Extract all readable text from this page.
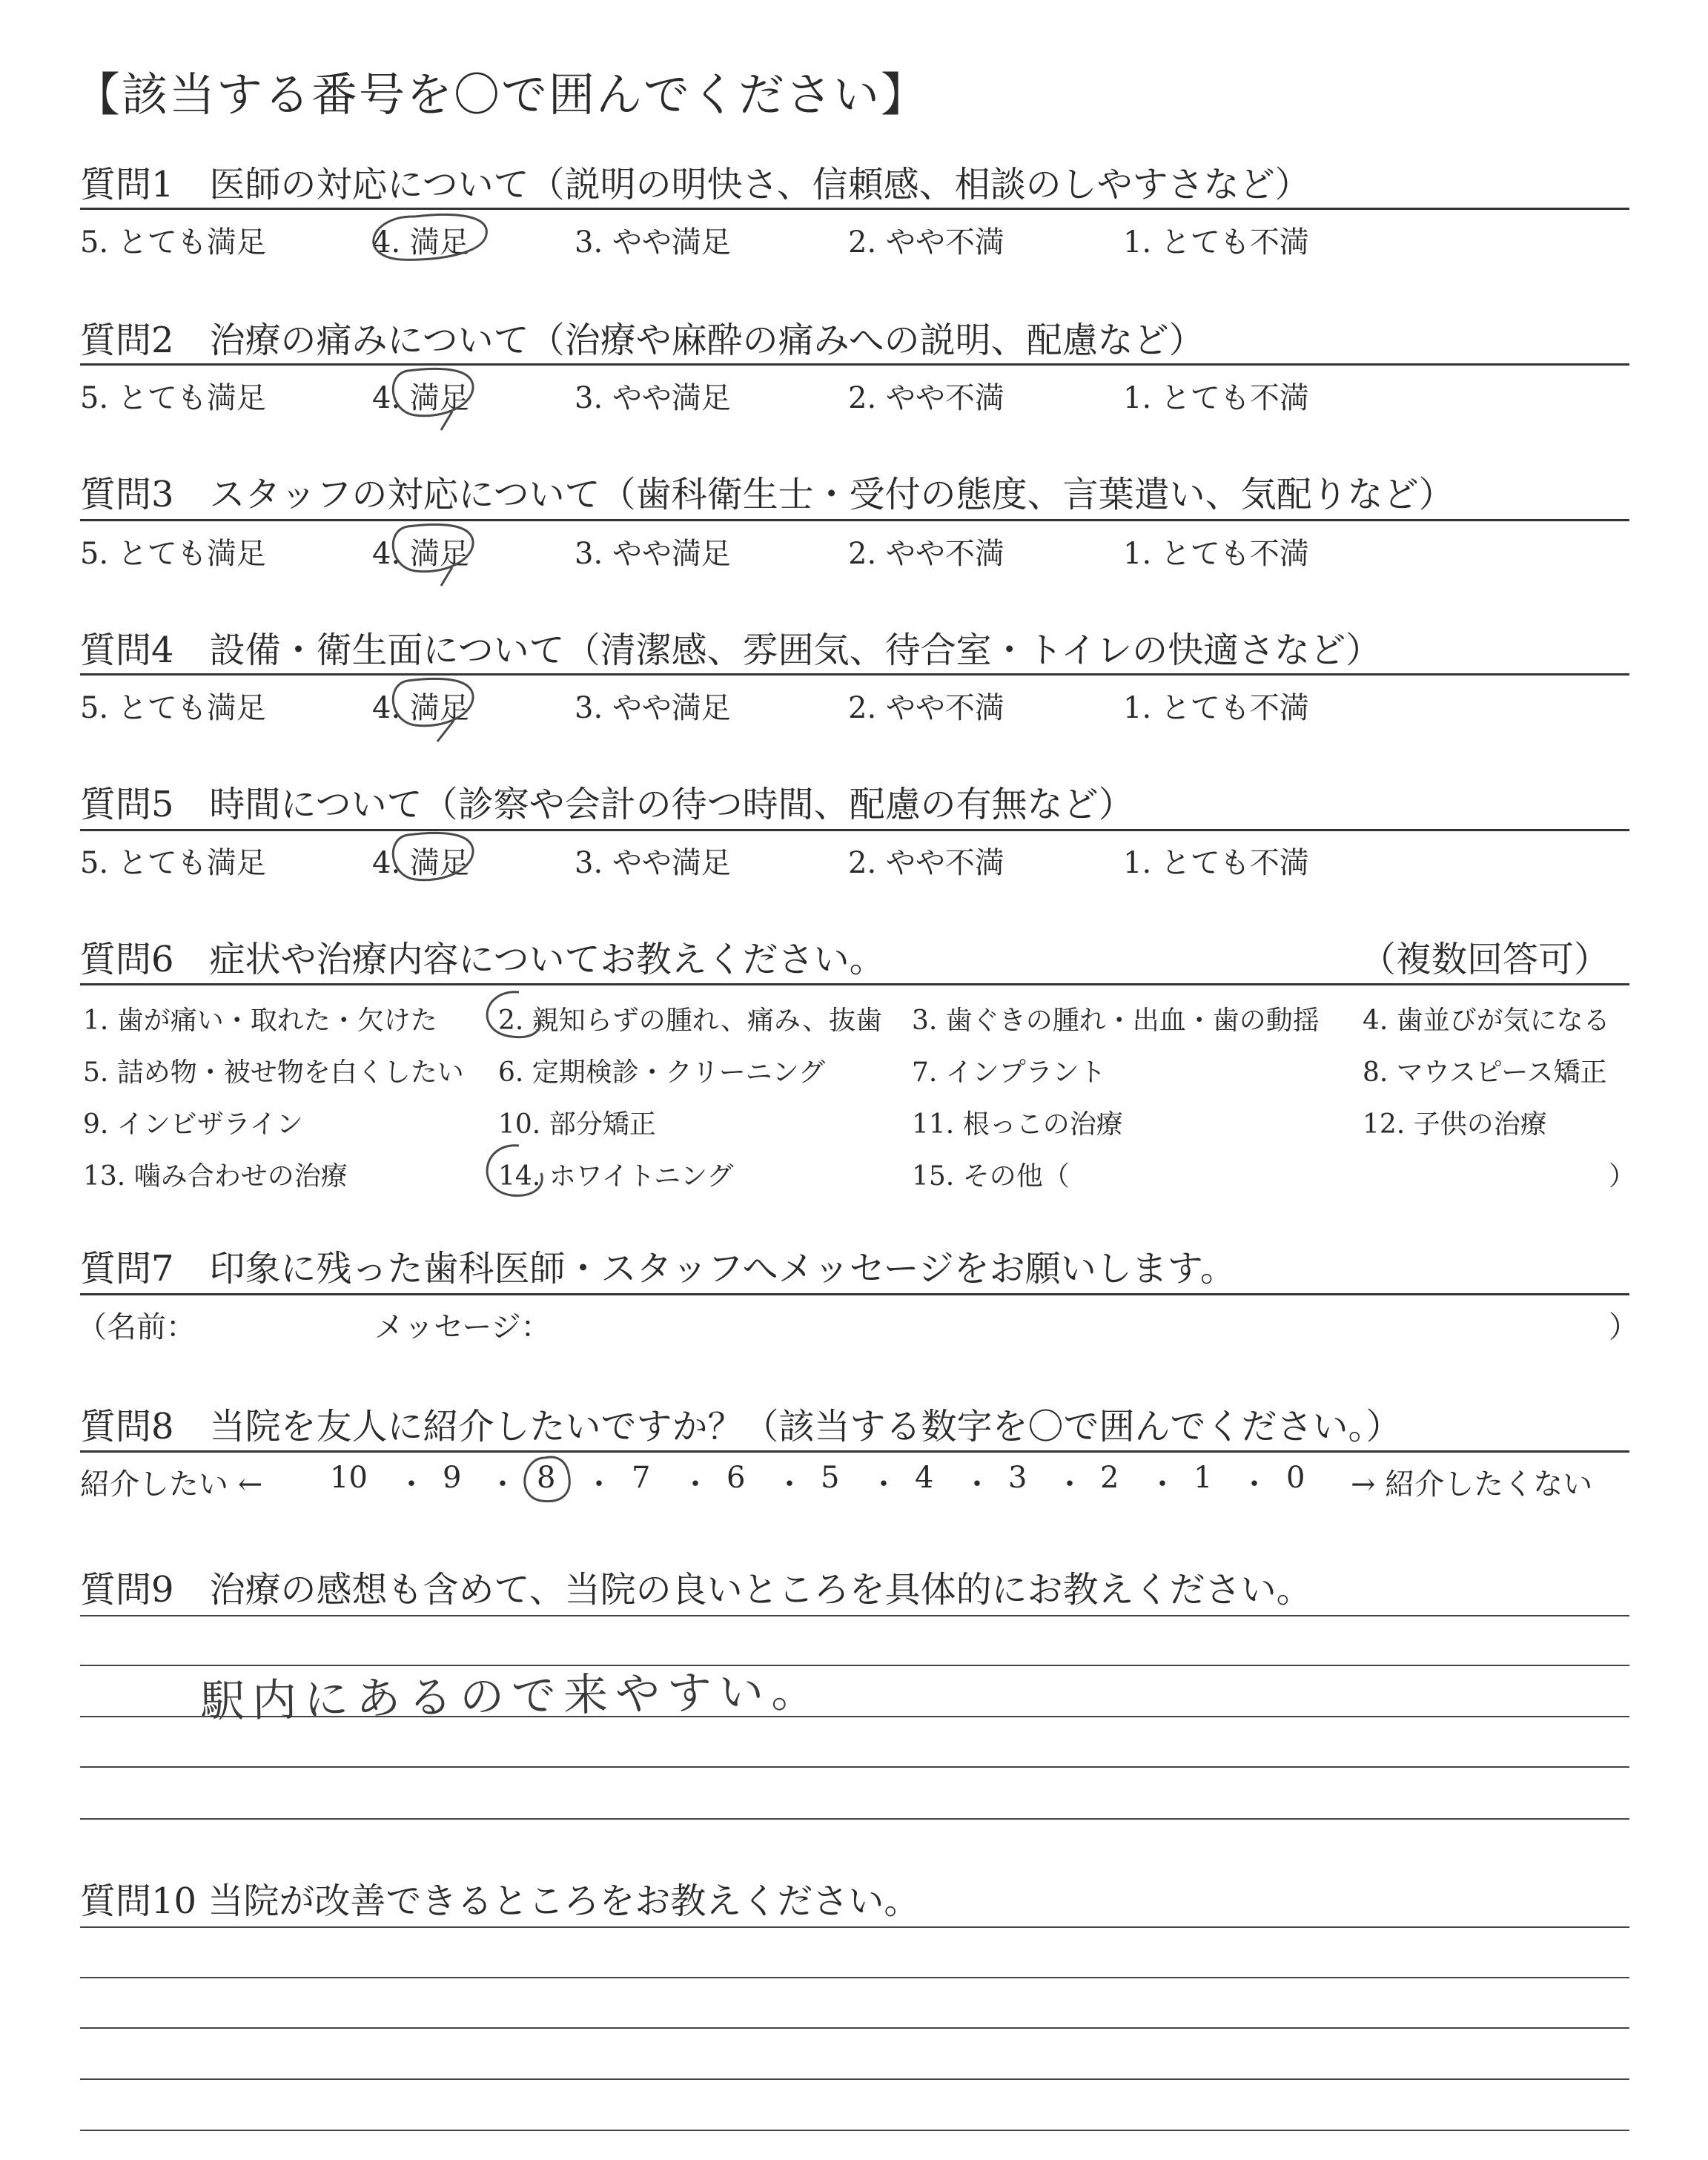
【該当する番号を〇で囲んでください】
質問1　医師の対応について（説明の明快さ、信頼感、相談のしやすさなど）
5. とても満足	4. 満足	3. やや満足	2. やや不満	1. とても不満
質問2　治療の痛みについて（治療や麻酔の痛みへの説明、配慮など）
5. とても満足	4. 満足	3. やや満足	2. やや不満	1. とても不満
質問3　スタッフの対応について（歯科衛生士・受付の態度、言葉遣い、気配りなど）
5. とても満足	4. 満足	3. やや満足	2. やや不満	1. とても不満
質問4　設備・衛生面について（清潔感、雰囲気、待合室・トイレの快適さなど）
5. とても満足	4. 満足	3. やや満足	2. やや不満	1. とても不満
質問5　時間について（診察や会計の待つ時間、配慮の有無など）
5. とても満足	4. 満足	3. やや満足	2. やや不満	1. とても不満
質問6　症状や治療内容についてお教えください。	（複数回答可）
1. 歯が痛い・取れた・欠けた 2. 親知らずの腫れ、痛み、抜歯 3. 歯ぐきの腫れ・出血・歯の動揺 4. 歯並びが気になる
5. 詰め物・被せ物を白くしたい 6. 定期検診・クリーニング	7. インプラント	8. マウスピース矯正
9. インビザライン	10. 部分矯正	11. 根っこの治療	12. 子供の治療
13. 噛み合わせの治療	14. ホワイトニング	15. その他（	）
質問7　印象に残った歯科医師・スタッフへメッセージをお願いします。
（名前：	メッセージ：	）
質問8　当院を友人に紹介したいですか？（該当する数字を〇で囲んでください。）
紹介したい ← 10 ・ 9 ・ 8 ・ 7 ・ 6 ・ 5 ・ 4 ・ 3 ・ 2 ・ 1 ・ 0 → 紹介したくない
質問9　治療の感想も含めて、当院の良いところを具体的にお教えください。
駅内にあるので来やすい。
質問10 当院が改善できるところをお教えください。
